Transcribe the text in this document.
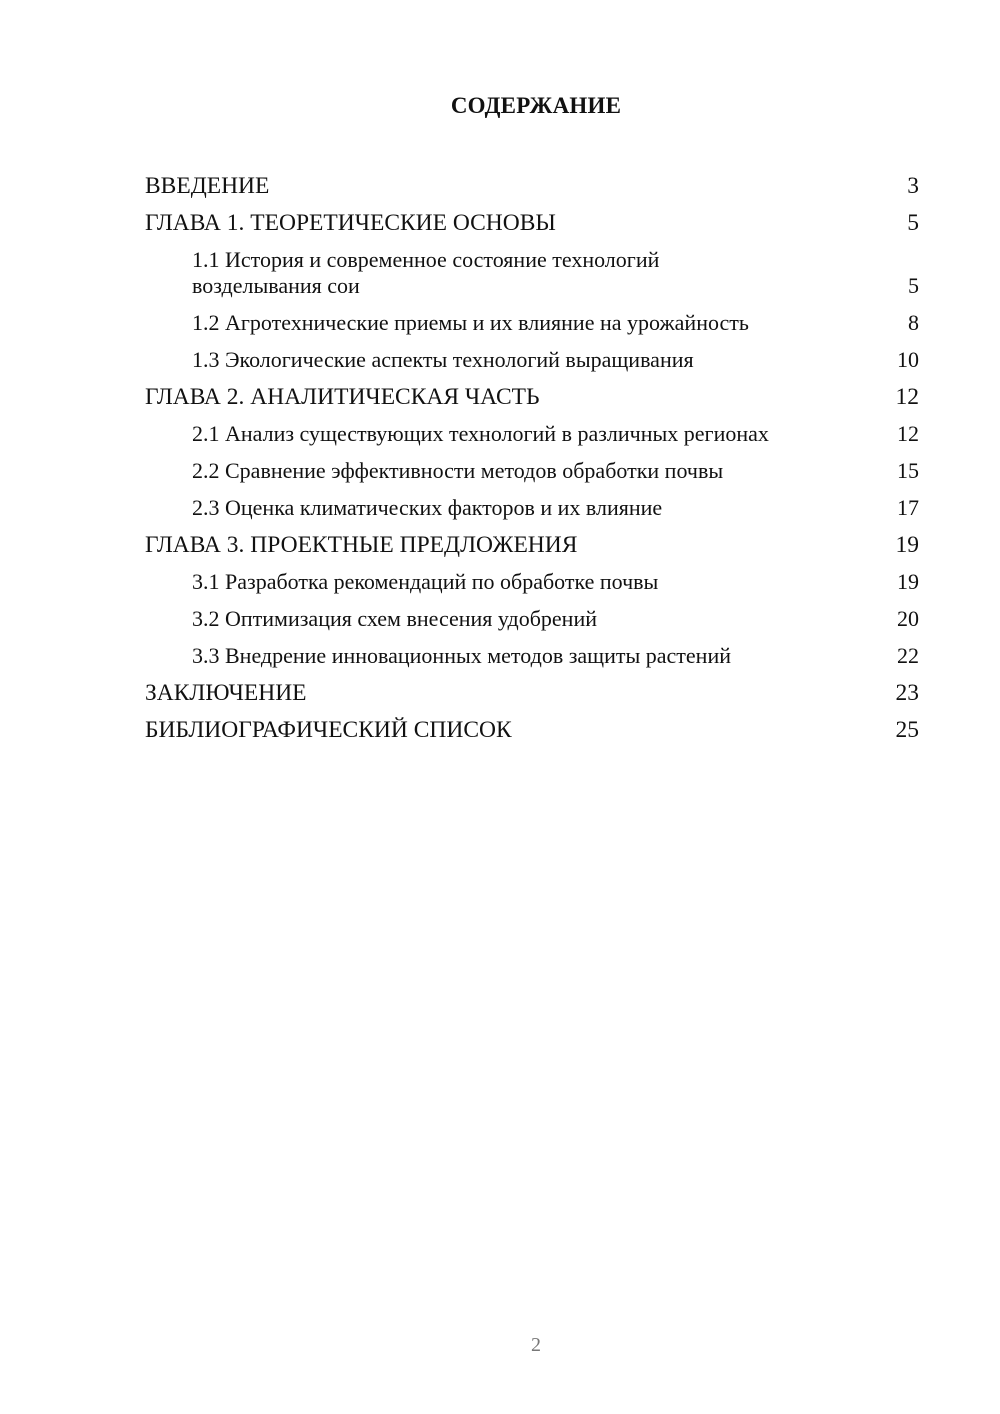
СОДЕРЖАНИЕ
ВВЕДЕНИЕ	3
ГЛАВА 1. ТЕОРЕТИЧЕСКИЕ ОСНОВЫ	5
1.1 История и современное состояние технологий возделывания сои	5
1.2 Агротехнические приемы и их влияние на урожайность	8
1.3 Экологические аспекты технологий выращивания	10
ГЛАВА 2. АНАЛИТИЧЕСКАЯ ЧАСТЬ	12
2.1 Анализ существующих технологий в различных регионах	12
2.2 Сравнение эффективности методов обработки почвы	15
2.3 Оценка климатических факторов и их влияние	17
ГЛАВА 3. ПРОЕКТНЫЕ ПРЕДЛОЖЕНИЯ	19
3.1 Разработка рекомендаций по обработке почвы	19
3.2 Оптимизация схем внесения удобрений	20
3.3 Внедрение инновационных методов защиты растений	22
ЗАКЛЮЧЕНИЕ	23
БИБЛИОГРАФИЧЕСКИЙ СПИСОК	25
2
